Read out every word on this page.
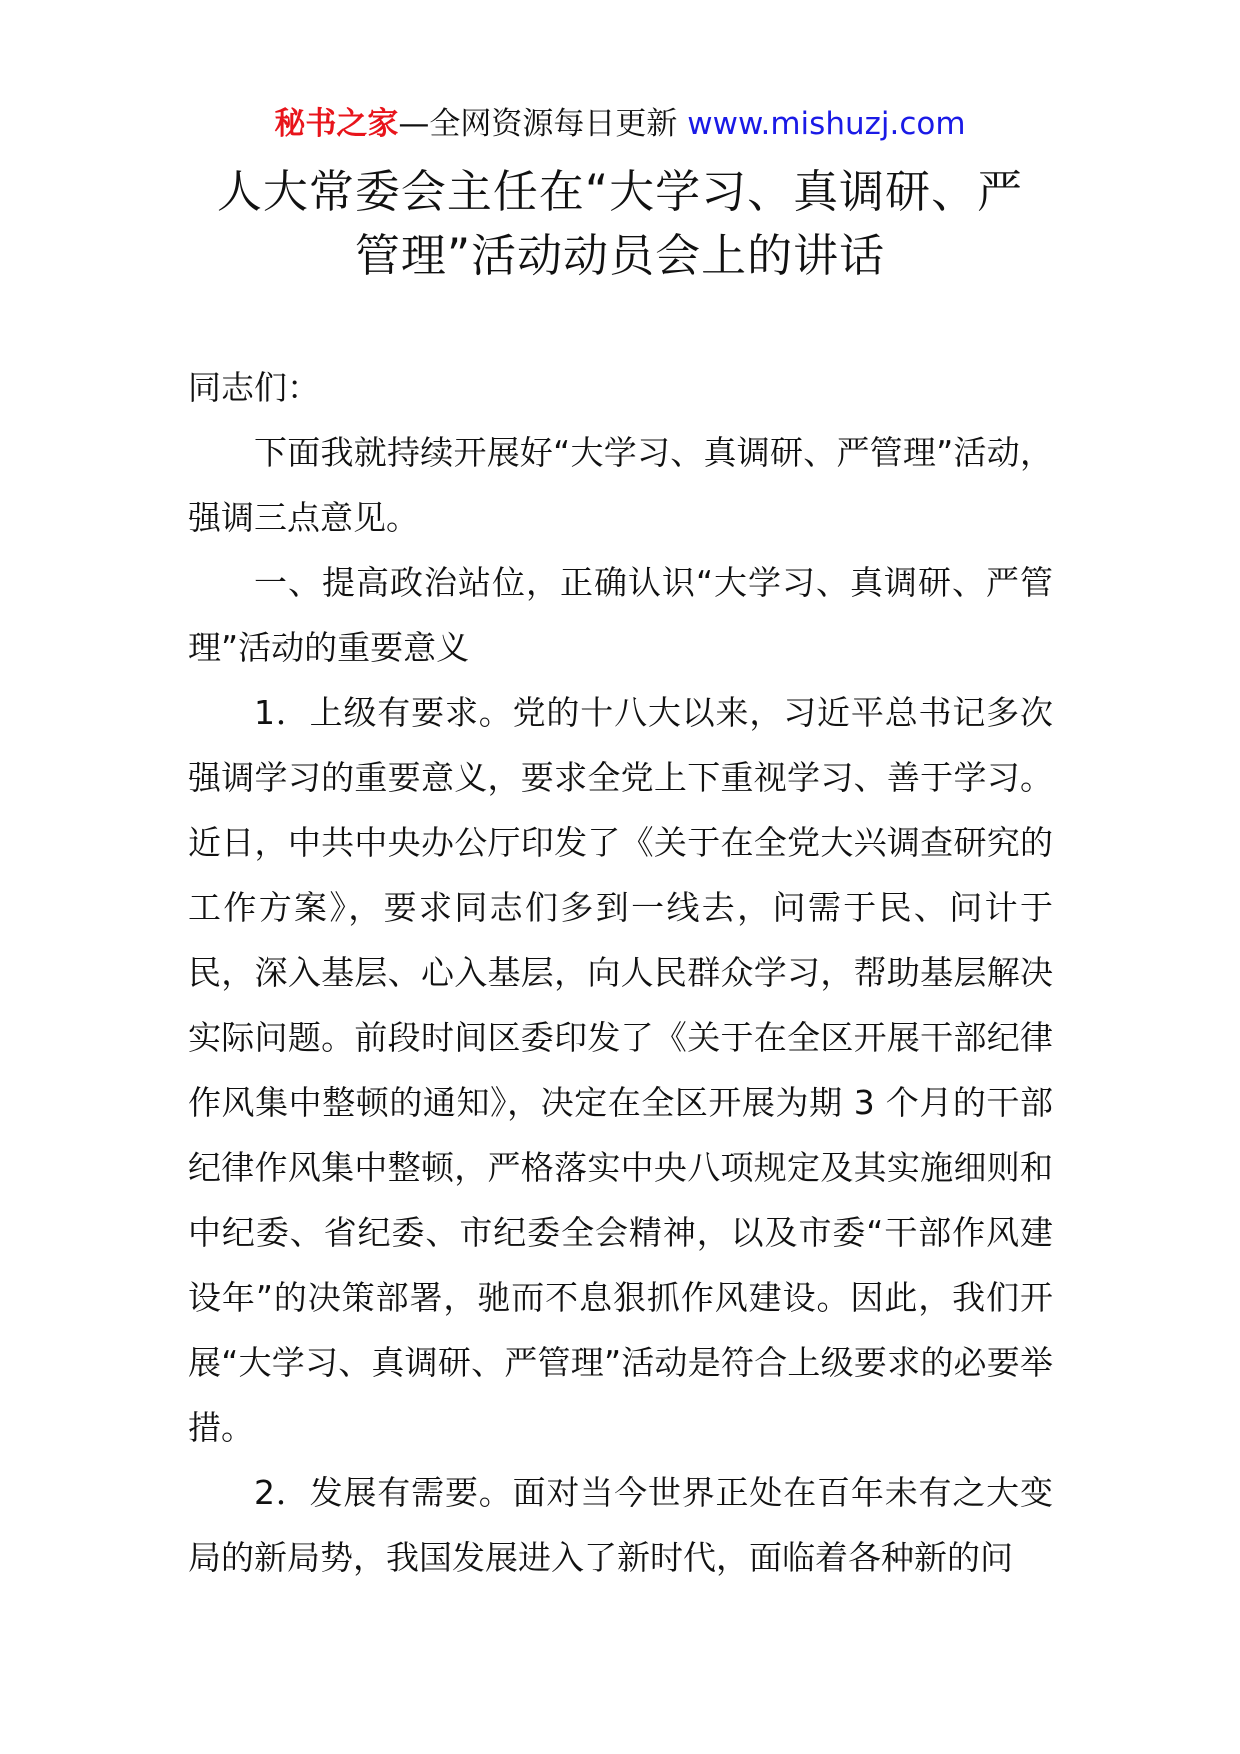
秘书之家—全网资源每日更新 www.mishuzj.com
人大常委会主任在“大学习、真调研、严
管理”活动动员会上的讲话

同志们：

下面我就持续开展好“大学习、真调研、严管理”活动，强调三点意见。

一、提高政治站位，正确认识“大学习、真调研、严管理”活动的重要意义

1．上级有要求。党的十八大以来，习近平总书记多次强调学习的重要意义，要求全党上下重视学习、善于学习。近日，中共中央办公厅印发了《关于在全党大兴调查研究的工作方案》，要求同志们多到一线去，问需于民、问计于民，深入基层、心入基层，向人民群众学习，帮助基层解决实际问题。前段时间区委印发了《关于在全区开展干部纪律作风集中整顿的通知》，决定在全区开展为期 3 个月的干部纪律作风集中整顿，严格落实中央八项规定及其实施细则和中纪委、省纪委、市纪委全会精神，以及市委“干部作风建设年”的决策部署，驰而不息狠抓作风建设。因此，我们开展“大学习、真调研、严管理”活动是符合上级要求的必要举措。

2．发展有需要。面对当今世界正处在百年未有之大变局的新局势，我国发展进入了新时代，面临着各种新的问
